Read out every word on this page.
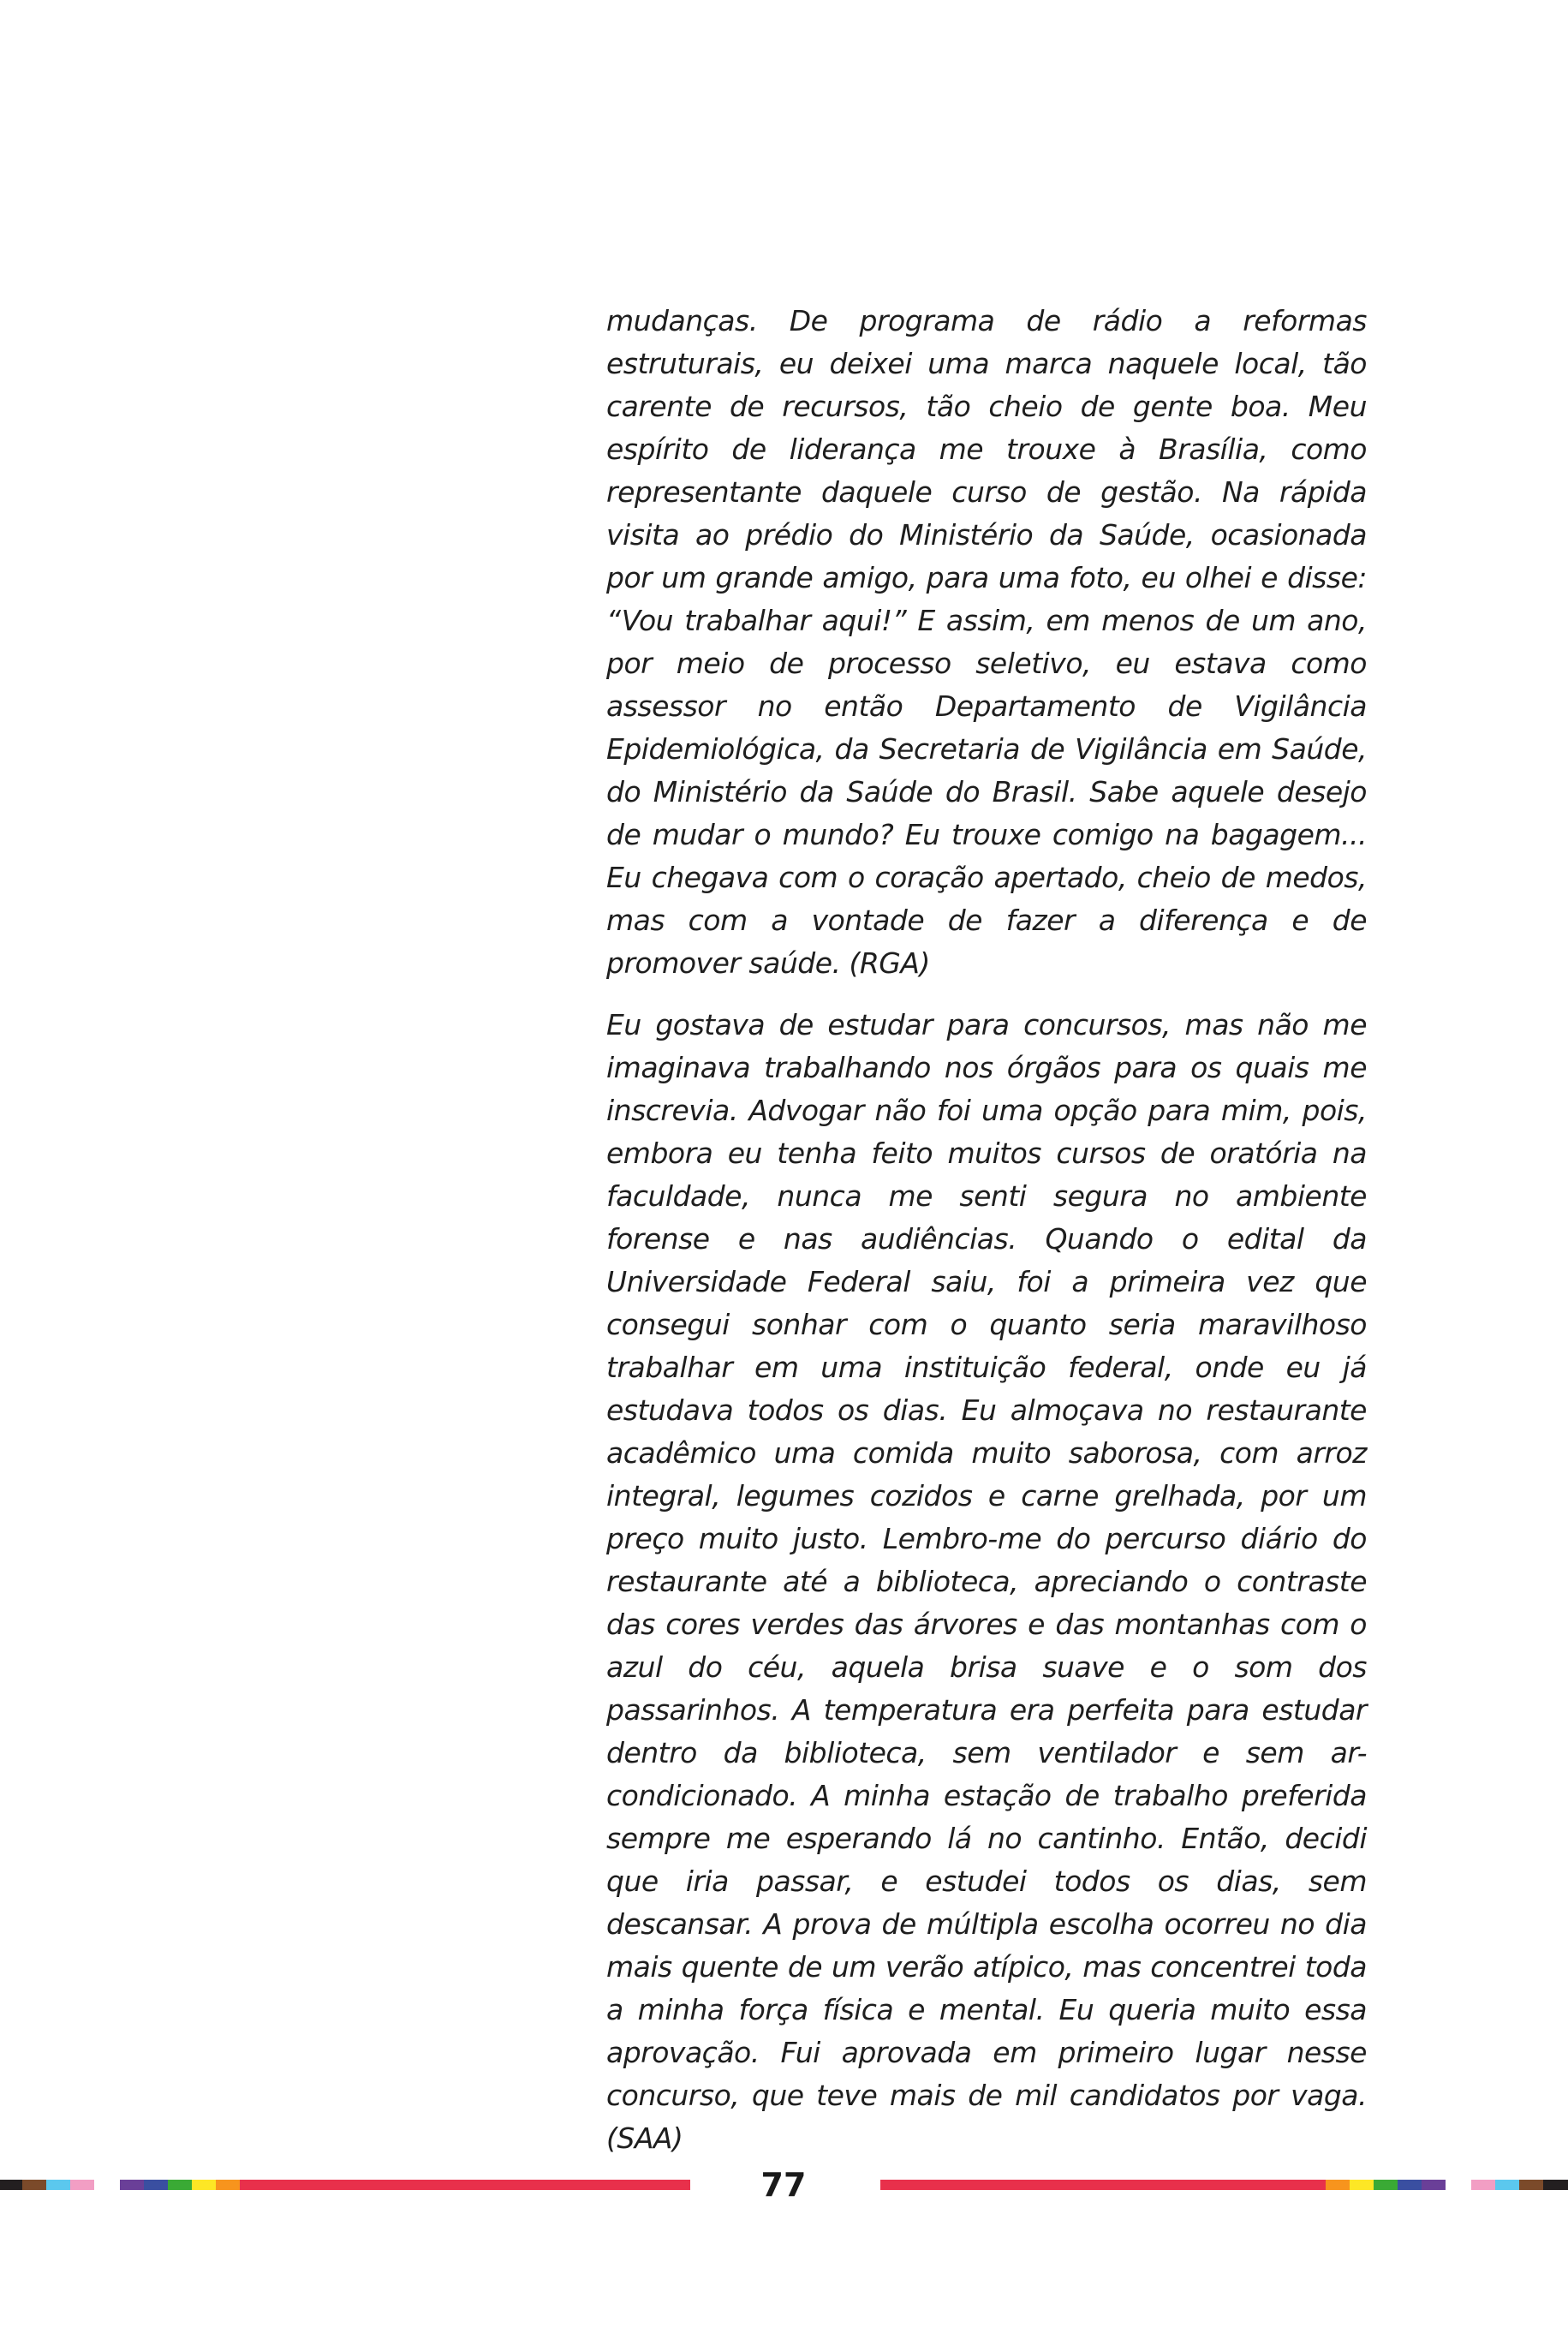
mudanças. De programa de rádio a reformas estruturais, eu deixei uma marca naquele local, tão carente de recursos, tão cheio de gente boa. Meu espírito de liderança me trouxe à Brasília, como representante daquele curso de gestão. Na rápida visita ao prédio do Ministério da Saúde, ocasionada por um grande amigo, para uma foto, eu olhei e disse: “Vou trabalhar aqui!” E assim, em menos de um ano, por meio de processo seletivo, eu estava como assessor no então Departamento de Vigilância Epidemiológica, da Secretaria de Vigilância em Saúde, do Ministério da Saúde do Brasil. Sabe aquele desejo de mudar o mundo? Eu trouxe comigo na bagagem... Eu chegava com o coração apertado, cheio de medos, mas com a vontade de fazer a diferença e de promover saúde. (RGA)

Eu gostava de estudar para concursos, mas não me imaginava trabalhando nos órgãos para os quais me inscrevia. Advogar não foi uma opção para mim, pois, embora eu tenha feito muitos cursos de oratória na faculdade, nunca me senti segura no ambiente forense e nas audiências. Quando o edital da Universidade Federal saiu, foi a primeira vez que consegui sonhar com o quanto seria maravilhoso trabalhar em uma instituição federal, onde eu já estudava todos os dias. Eu almoçava no restaurante acadêmico uma comida muito saborosa, com arroz integral, legumes cozidos e carne grelhada, por um preço muito justo. Lembro-me do percurso diário do restaurante até a biblioteca, apreciando o contraste das cores verdes das árvores e das montanhas com o azul do céu, aquela brisa suave e o som dos passarinhos. A temperatura era perfeita para estudar dentro da biblioteca, sem ventilador e sem ar-condicionado. A minha estação de trabalho preferida sempre me esperando lá no cantinho. Então, decidi que iria passar, e estudei todos os dias, sem descansar. A prova de múltipla escolha ocorreu no dia mais quente de um verão atípico, mas concentrei toda a minha força física e mental. Eu queria muito essa aprovação. Fui aprovada em primeiro lugar nesse concurso, que teve mais de mil candidatos por vaga. (SAA)

77
